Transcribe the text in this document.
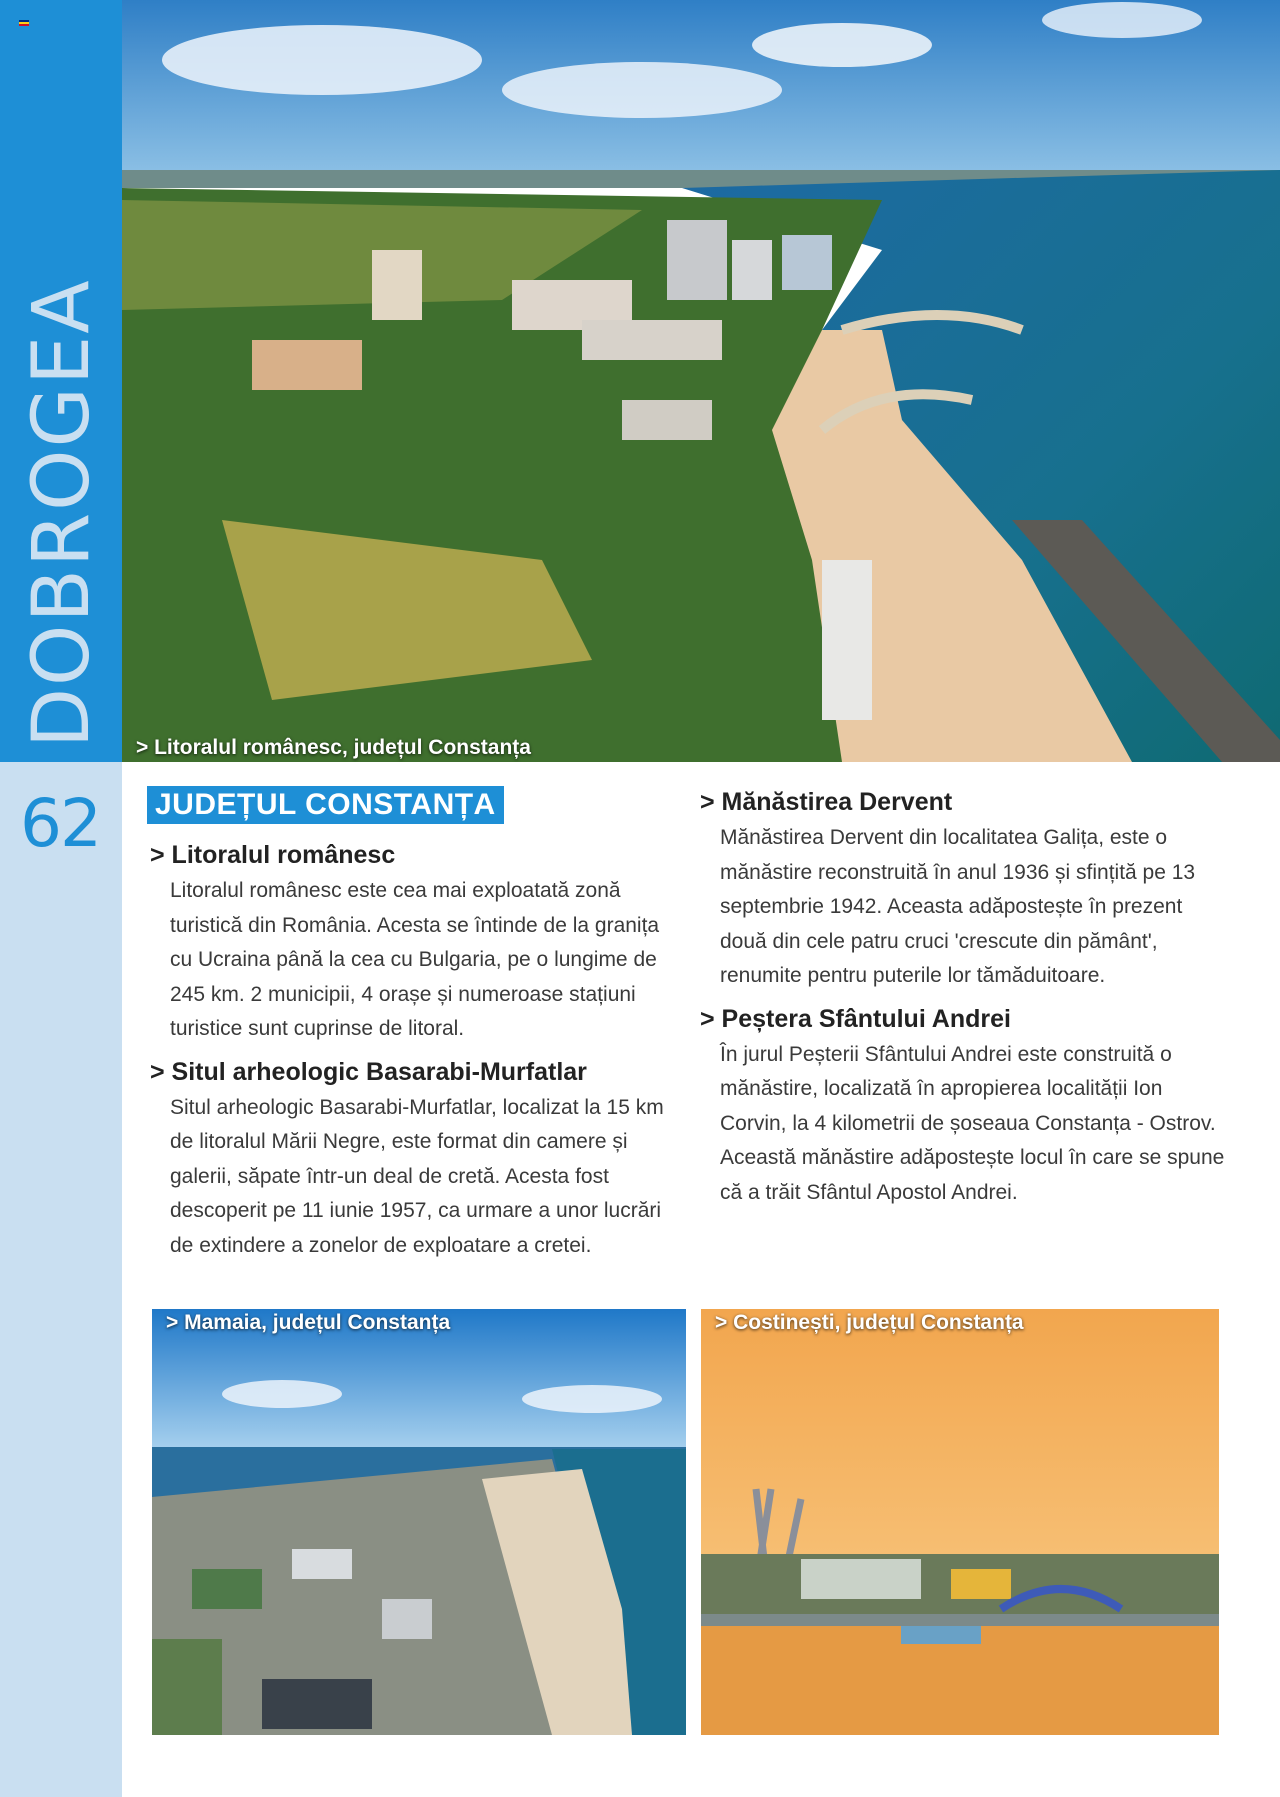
DOBROGEA
62
> Litoralul românesc, județul Constanța
JUDEȚUL CONSTANȚA
> Litoralul românesc

Litoralul românesc este cea mai exploatată zonă turistică din România. Acesta se întinde de la granița cu Ucraina până la cea cu Bulgaria, pe o lungime de 245 km. 2 municipii, 4 orașe și numeroase stațiuni turistice sunt cuprinse de litoral.

> Situl arheologic Basarabi-Murfatlar

Situl arheologic Basarabi-Murfatlar, localizat la 15 km de litoralul Mării Negre, este format din camere și galerii, săpate într-un deal de cretă. Acesta fost descoperit pe 11 iunie 1957, ca urmare a unor lucrări de extindere a zonelor de exploatare a cretei.

> Mănăstirea Dervent

Mănăstirea Dervent din localitatea Galița, este o mănăstire reconstruită în anul 1936 și sfințită pe 13 septembrie 1942. Aceasta adăpostește în prezent două din cele patru cruci 'crescute din pământ', renumite pentru puterile lor tămăduitoare.

> Peștera Sfântului Andrei

În jurul Peșterii Sfântului Andrei este construită o mănăstire, localizată în apropierea localității Ion Corvin, la 4 kilometrii de șoseaua Constanța - Ostrov. Această mănăstire adăpostește locul în care se spune că a trăit Sfântul Apostol Andrei.

> Mamaia, județul Constanța	> Costinești, județul Constanța
